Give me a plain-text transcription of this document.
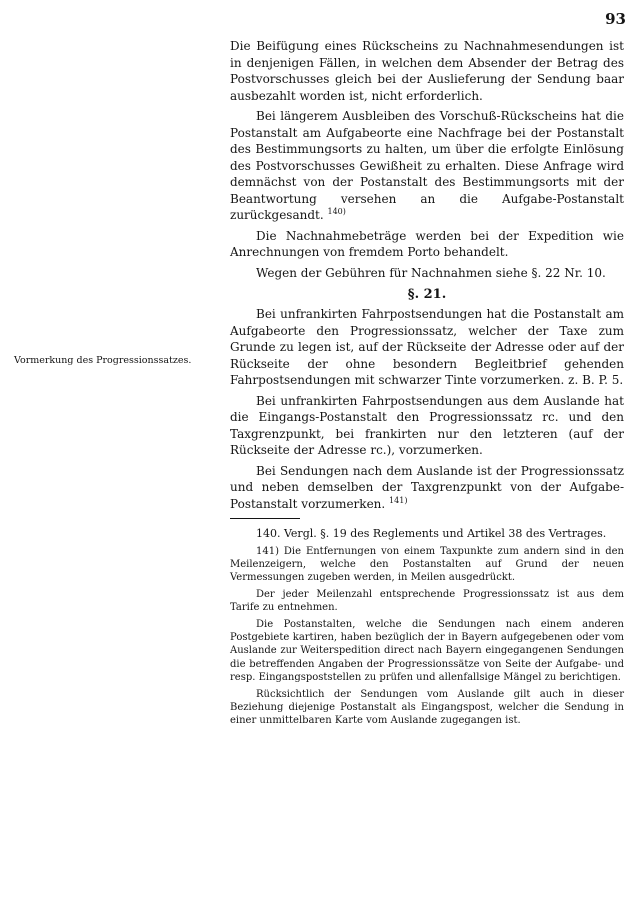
93
Vormerkung des Progressionssatzes.

Die Beifügung eines Rückscheins zu Nachnahmesendungen ist in denjenigen Fällen, in welchen dem Absender der Betrag des Postvorschusses gleich bei der Auslieferung der Sendung baar ausbezahlt worden ist, nicht erforderlich.

Bei längerem Ausbleiben des Vorschuß-Rückscheins hat die Postanstalt am Aufgabeorte eine Nachfrage bei der Postanstalt des Bestimmungsorts zu halten, um über die erfolgte Einlösung des Postvorschusses Gewißheit zu erhalten. Diese Anfrage wird demnächst von der Postanstalt des Bestimmungsorts mit der Beantwortung versehen an die Aufgabe-Postanstalt zurückgesandt. $^{140)}$

Die Nachnahmebeträge werden bei der Expedition wie Anrechnungen von fremdem Porto behandelt.

Wegen der Gebühren für Nachnahmen siehe §. 22 Nr. 10.

§. 21.

Bei unfrankirten Fahrpostsendungen hat die Postanstalt am Aufgabeorte den Progressionssatz, welcher der Taxe zum Grunde zu legen ist, auf der Rückseite der Adresse oder auf der Rückseite der ohne besondern Begleitbrief gehenden Fahrpostsendungen mit schwarzer Tinte vorzumerken. z. B. P. 5.

Bei unfrankirten Fahrpostsendungen aus dem Auslande hat die Eingangs-Postanstalt den Progressionssatz rc. und den Taxgrenzpunkt, bei frankirten nur den letzteren (auf der Rückseite der Adresse rc.), vorzumerken.

Bei Sendungen nach dem Auslande ist der Progressionssatz und neben demselben der Taxgrenzpunkt von der Aufgabe-Postanstalt vorzumerken. $^{141)}$

140. Vergl. §. 19 des Reglements und Artikel 38 des Vertrages.

141) Die Entfernungen von einem Taxpunkte zum andern sind in den Meilenzeigern, welche den Postanstalten auf Grund der neuen Vermessungen zugeben werden, in Meilen ausgedrückt.

Der jeder Meilenzahl entsprechende Progressionssatz ist aus dem Tarife zu entnehmen.

Die Postanstalten, welche die Sendungen nach einem anderen Postgebiete kartiren, haben bezüglich der in Bayern aufgegebenen oder vom Auslande zur Weiterspedition direct nach Bayern eingegangenen Sendungen die betreffenden Angaben der Progressionssätze von Seite der Aufgabe- und resp. Eingangspoststellen zu prüfen und allenfallsige Mängel zu berichtigen.

Rücksichtlich der Sendungen vom Auslande gilt auch in dieser Beziehung diejenige Postanstalt als Eingangspost, welcher die Sendung in einer unmittelbaren Karte vom Auslande zugegangen ist.
